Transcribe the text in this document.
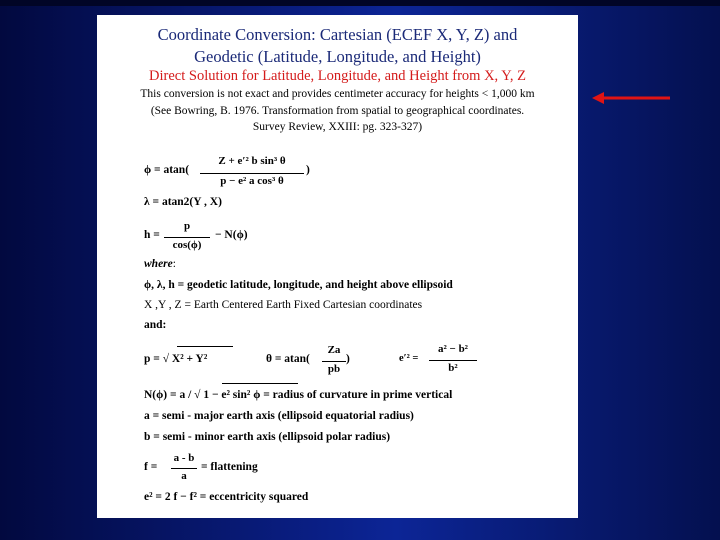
Coordinate Conversion: Cartesian (ECEF X, Y, Z) and
Geodetic (Latitude, Longitude, and Height)
Direct Solution for Latitude, Longitude, and Height from X, Y, Z
This conversion is not exact and provides centimeter accuracy for heights < 1,000 km
(See Bowring, B. 1976. Transformation from spatial to geographical coordinates.
Survey Review, XXIII: pg. 323-327)
ϕ = atan(
Z + e′² b sin³ θ
p − e² a cos³ θ
)
λ = atan2(Y , X)
h =
p
cos(ϕ)
− N(ϕ)
where:
ϕ, λ, h = geodetic latitude, longitude, and height above ellipsoid
X ,Y , Z = Earth Centered Earth Fixed Cartesian coordinates
and:
p = √ X² + Y²	θ = atan(
Za
pb
)	e′² =
a² − b²
b²
N(ϕ) = a / √ 1 − e² sin² ϕ = radius of curvature in prime vertical
a = semi - major earth axis (ellipsoid equatorial radius)
b = semi - minor earth axis (ellipsoid polar radius)
f =
a - b
a
= flattening
e² = 2 f − f² = eccentricity squared
